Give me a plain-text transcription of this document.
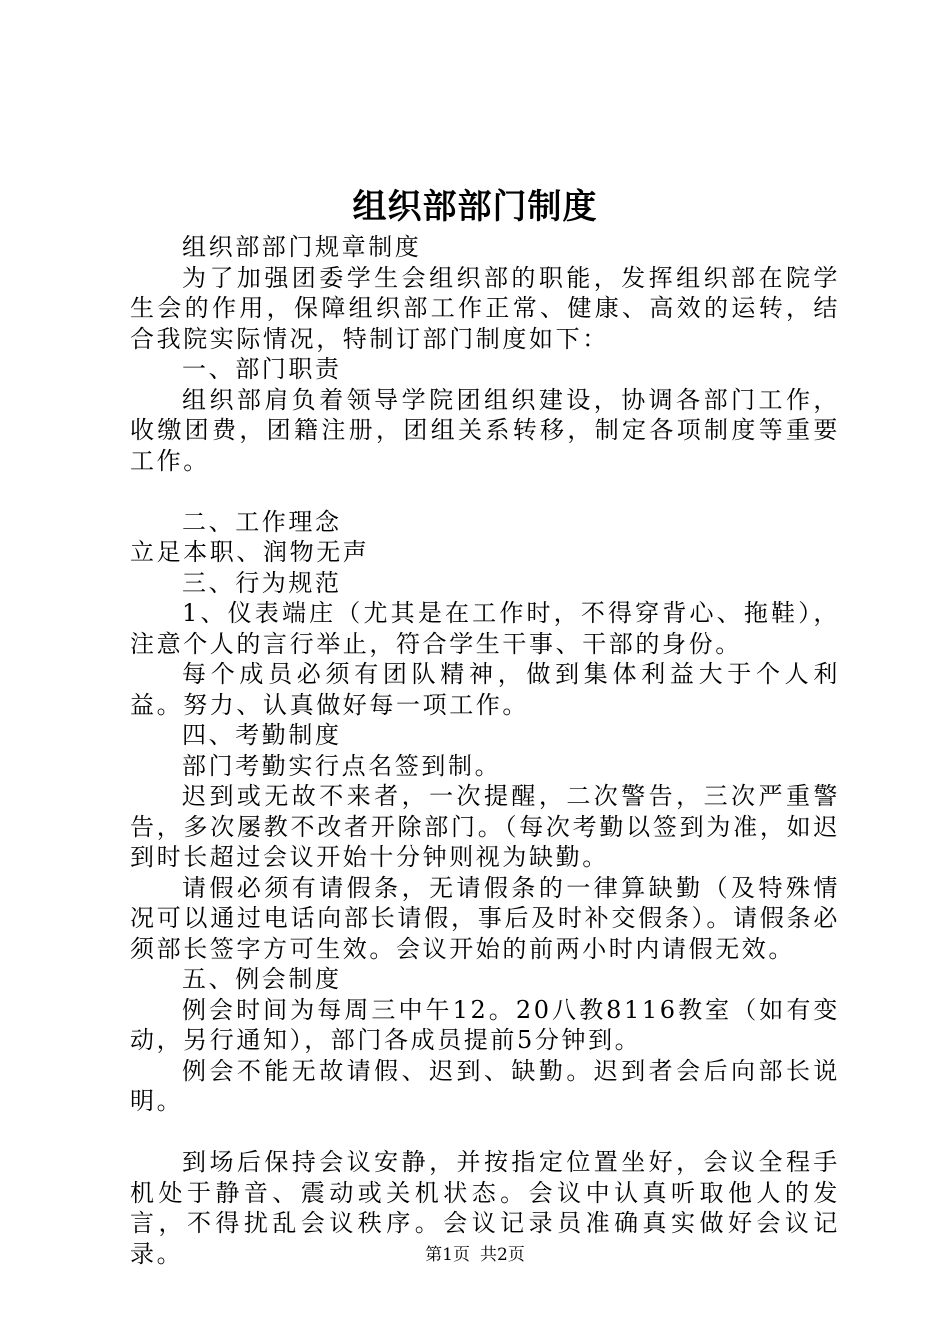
组织部部门制度

组织部部门规章制度

为了加强团委学生会组织部的职能，发挥组织部在院学生会的作用，保障组织部工作正常、健康、高效的运转，结合我院实际情况，特制订部门制度如下：

一、部门职责

组织部肩负着领导学院团组织建设，协调各部门工作，收缴团费，团籍注册，团组关系转移，制定各项制度等重要工作。

二、工作理念

立足本职、润物无声

三、行为规范

1、仪表端庄（尤其是在工作时，不得穿背心、拖鞋），注意个人的言行举止，符合学生干事、干部的身份。

每个成员必须有团队精神，做到集体利益大于个人利益。努力、认真做好每一项工作。

四、考勤制度

部门考勤实行点名签到制。

迟到或无故不来者，一次提醒，二次警告，三次严重警告，多次屡教不改者开除部门。（每次考勤以签到为准，如迟到时长超过会议开始十分钟则视为缺勤。

请假必须有请假条，无请假条的一律算缺勤（及特殊情况可以通过电话向部长请假，事后及时补交假条）。请假条必须部长签字方可生效。会议开始的前两小时内请假无效。

五、例会制度

例会时间为每周三中午12。20八教8116教室（如有变动，另行通知），部门各成员提前5分钟到。

例会不能无故请假、迟到、缺勤。迟到者会后向部长说明。

到场后保持会议安静，并按指定位置坐好，会议全程手机处于静音、震动或关机状态。会议中认真听取他人的发言，不得扰乱会议秩序。会议记录员准确真实做好会议记录。	第1页 共2页
